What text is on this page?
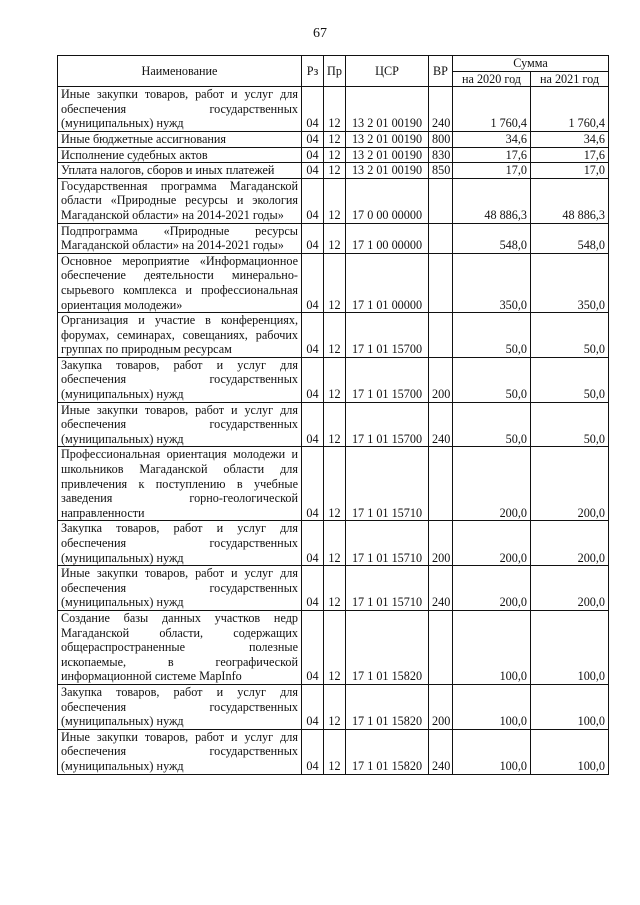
67
Наименование	Рз	Пр	ЦСР	ВР	Сумма	
					на 2020 год	на 2021 год
Иные закупки товаров, работ и услуг для обеспечения государственных (муниципальных) нужд	04	12	13 2 01 00190	240	1 760,4	1 760,4
Иные бюджетные ассигнования	04	12	13 2 01 00190	800	34,6	34,6
Исполнение судебных актов	04	12	13 2 01 00190	830	17,6	17,6
Уплата налогов, сборов и иных платежей	04	12	13 2 01 00190	850	17,0	17,0
Государственная программа Магаданской области «Природные ресурсы и экология Магаданской области» на 2014-2021 годы»	04	12	17 0 00 00000		48 886,3	48 886,3
Подпрограмма «Природные ресурсы Магаданской области» на 2014-2021 годы»	04	12	17 1 00 00000		548,0	548,0
Основное мероприятие «Информационное обеспечение деятельности минерально-сырьевого комплекса и профессиональная ориентация молодежи»	04	12	17 1 01 00000		350,0	350,0
Организация и участие в конференциях, форумах, семинарах, совещаниях, рабочих группах по природным ресурсам	04	12	17 1 01 15700		50,0	50,0
Закупка товаров, работ и услуг для обеспечения государственных (муниципальных) нужд	04	12	17 1 01 15700	200	50,0	50,0
Иные закупки товаров, работ и услуг для обеспечения государственных (муниципальных) нужд	04	12	17 1 01 15700	240	50,0	50,0
Профессиональная ориентация молодежи и школьников Магаданской области для привлечения к поступлению в учебные заведения горно-геологической направленности	04	12	17 1 01 15710		200,0	200,0
Закупка товаров, работ и услуг для обеспечения государственных (муниципальных) нужд	04	12	17 1 01 15710	200	200,0	200,0
Иные закупки товаров, работ и услуг для обеспечения государственных (муниципальных) нужд	04	12	17 1 01 15710	240	200,0	200,0
Создание базы данных участков недр Магаданской области, содержащих общераспространенные полезные ископаемые, в географической информационной системе MapInfo	04	12	17 1 01 15820		100,0	100,0
Закупка товаров, работ и услуг для обеспечения государственных (муниципальных) нужд	04	12	17 1 01 15820	200	100,0	100,0
Иные закупки товаров, работ и услуг для обеспечения государственных (муниципальных) нужд	04	12	17 1 01 15820	240	100,0	100,0
